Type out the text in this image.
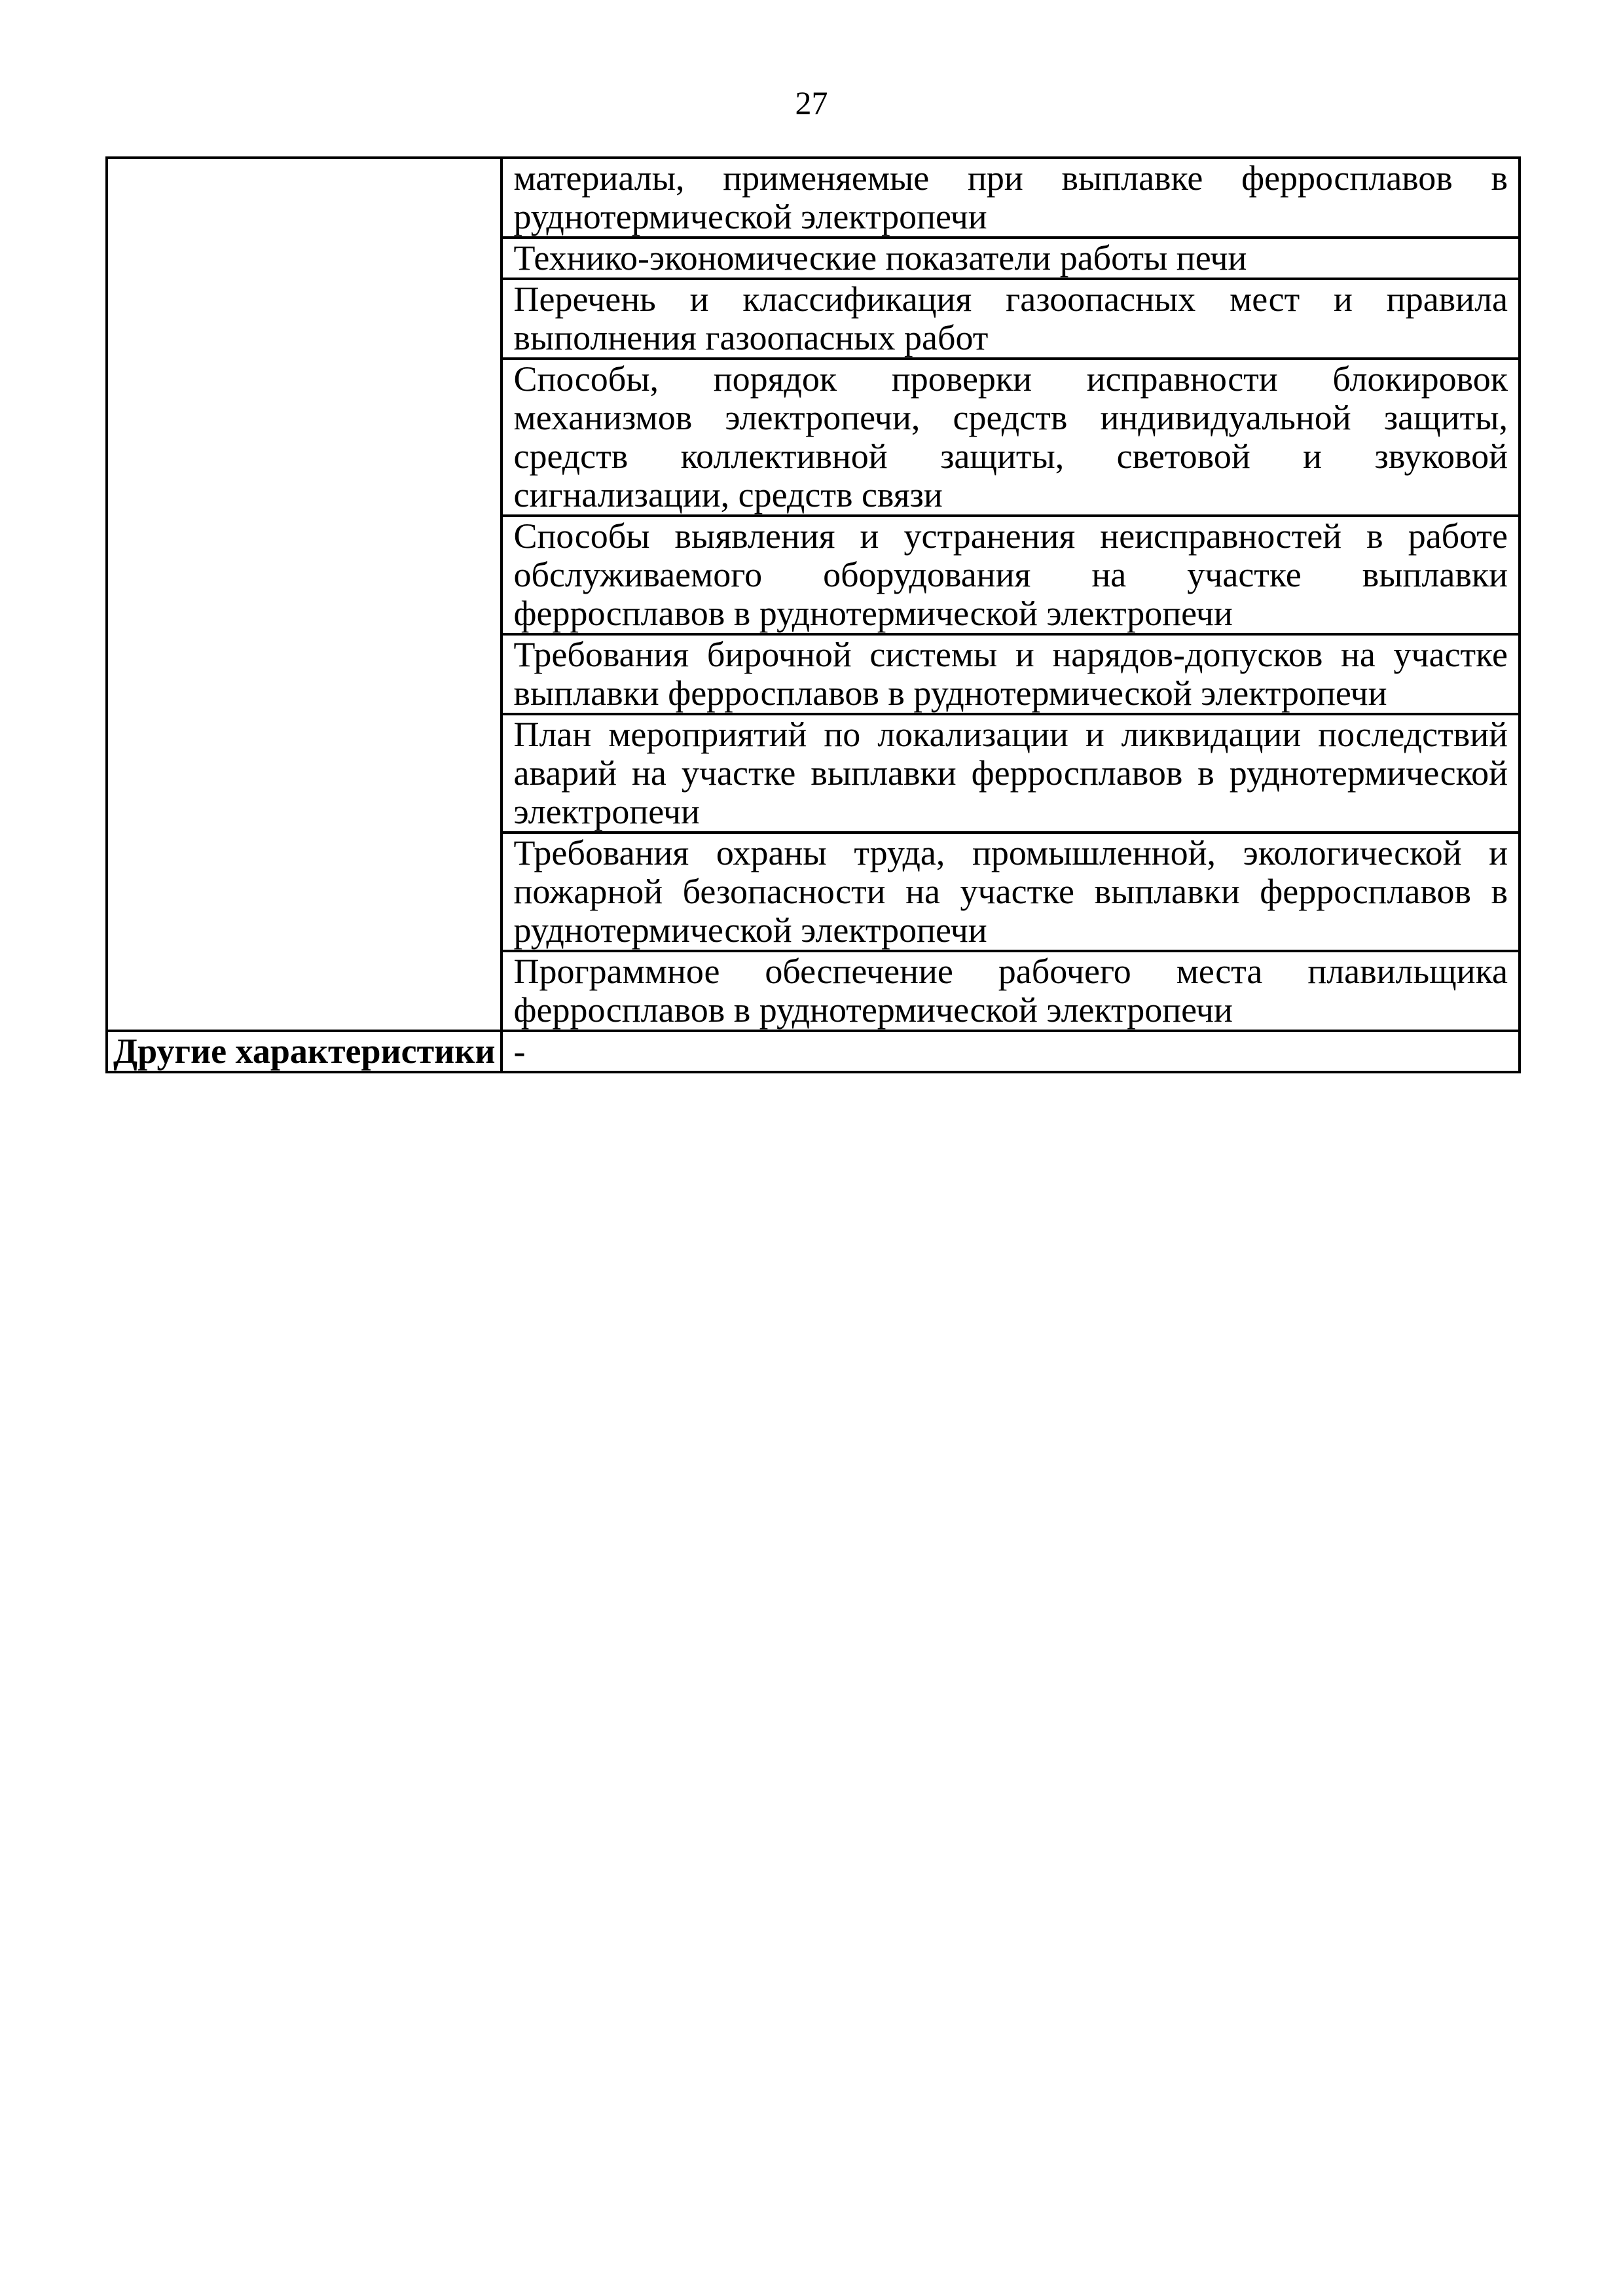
27
	материалы, применяемые при выплавке ферросплавов в руднотермической электропечи
	Технико-экономические показатели работы печи
	Перечень и классификация газоопасных мест и правила выполнения газоопасных работ
	Способы, порядок проверки исправности блокировок механизмов электропечи, средств индивидуальной защиты, средств коллективной защиты, световой и звуковой сигнализации, средств связи
	Способы выявления и устранения неисправностей в работе обслуживаемого оборудования на участке выплавки ферросплавов в руднотермической электропечи
	Требования бирочной системы и нарядов-допусков на участке выплавки ферросплавов в руднотермической электропечи
	План мероприятий по локализации и ликвидации последствий аварий на участке выплавки ферросплавов в руднотермической электропечи
	Требования охраны труда, промышленной, экологической и пожарной безопасности на участке выплавки ферросплавов в руднотермической электропечи
	Программное обеспечение рабочего места плавильщика ферросплавов в руднотермической электропечи
Другие характеристики	-
